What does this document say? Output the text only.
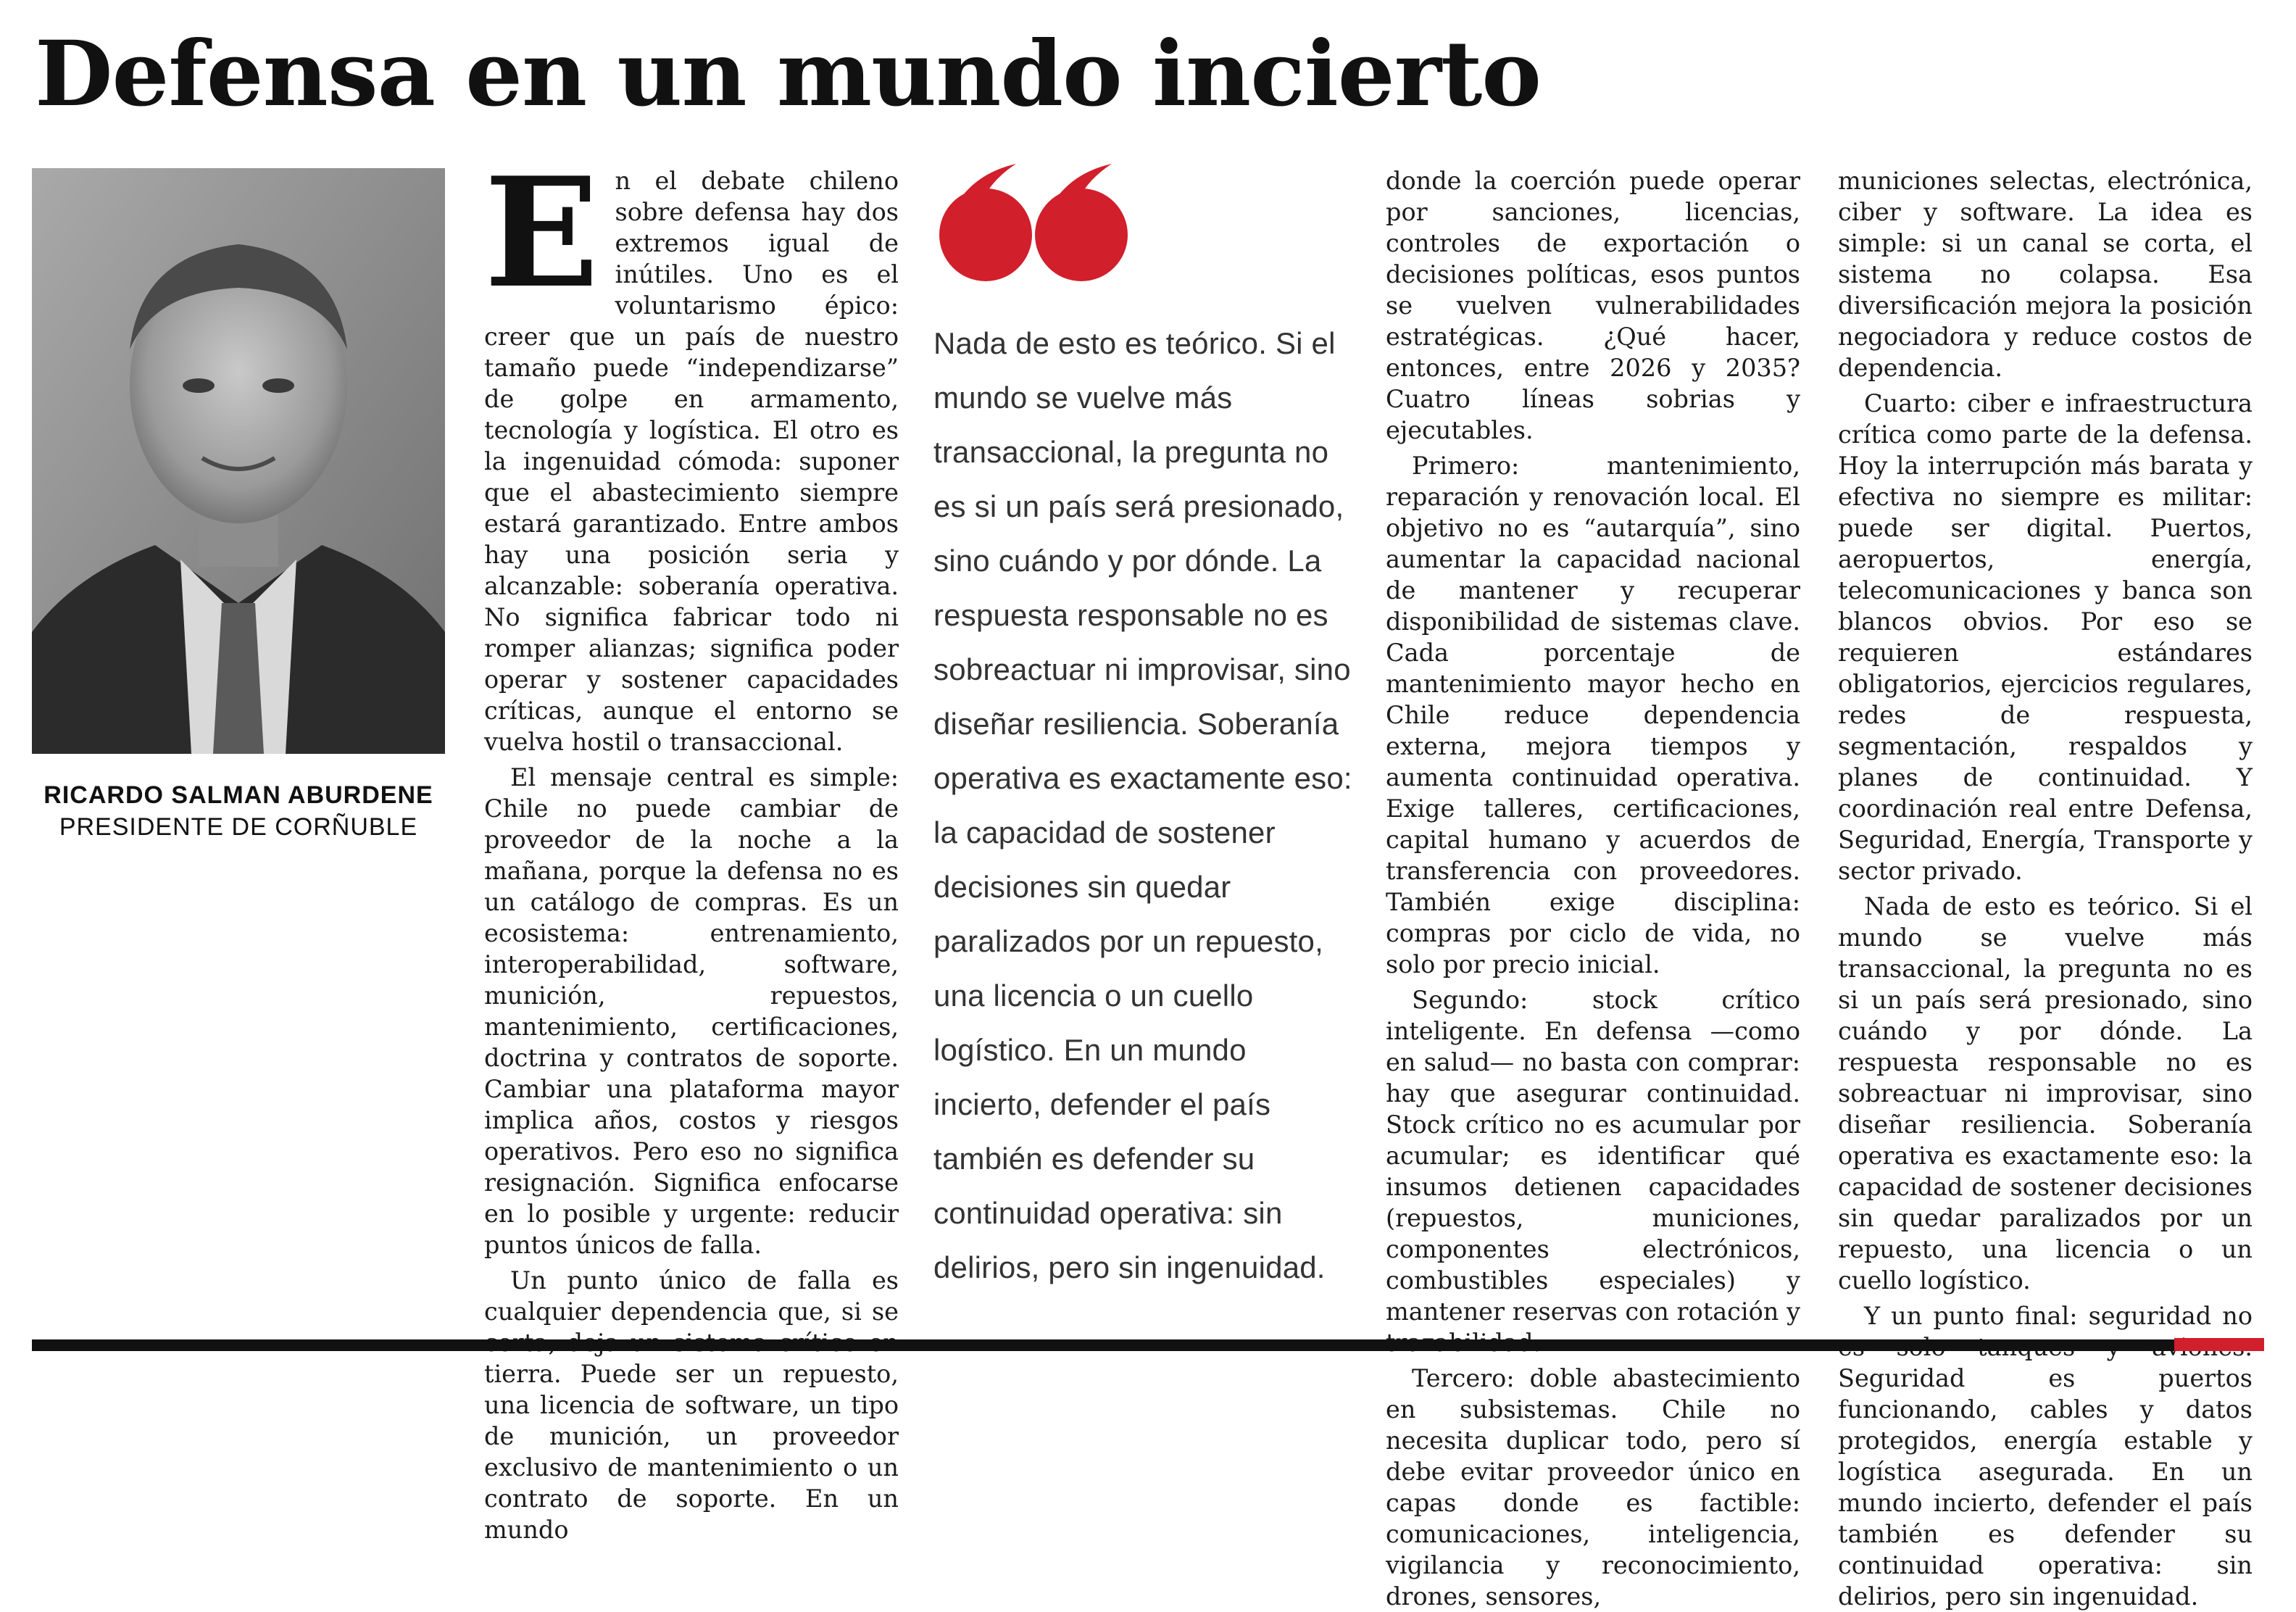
Defensa en un mundo incierto
RICARDO SALMAN ABURDENE
PRESIDENTE DE CORÑUBLE

En el debate chileno sobre defensa hay dos extremos igual de inútiles. Uno es el voluntarismo épico: creer que un país de nuestro tamaño puede “independizarse” de golpe en armamento, tecnología y logística. El otro es la ingenuidad cómoda: suponer que el abastecimiento siempre estará garantizado. Entre ambos hay una posición seria y alcanzable: soberanía operativa. No significa fabricar todo ni romper alianzas; significa poder operar y sostener capacidades críticas, aunque el entorno se vuelva hostil o transaccional.

El mensaje central es simple: Chile no puede cambiar de proveedor de la noche a la mañana, porque la defensa no es un catálogo de compras. Es un ecosistema: entrenamiento, interoperabilidad, software, munición, repuestos, mantenimiento, certificaciones, doctrina y contratos de soporte. Cambiar una plataforma mayor implica años, costos y riesgos operativos. Pero eso no significa resignación. Significa enfocarse en lo posible y urgente: reducir puntos únicos de falla.

Un punto único de falla es cualquier dependencia que, si se tierra. Puede ser un repuesto, una licencia de software, un tipo de munición, un proveedor exclusivo de mantenimiento o un contrato de soporte. En un mundo

Nada de esto es teórico. Si el mundo se vuelve más transaccional, la pregunta no es si un país será presionado, sino cuándo y por dónde. La respuesta responsable no es sobreactuar ni improvisar, sino diseñar resiliencia. Soberanía operativa es exactamente eso: la capacidad de sostener decisiones sin quedar paralizados por un repuesto, una licencia o un cuello logístico. En un mundo incierto, defender el país también es defender su continuidad operativa: sin delirios, pero sin ingenuidad.

donde la coerción puede operar por sanciones, licencias, controles de exportación o decisiones políticas, esos puntos se vuelven vulnerabilidades estratégicas. ¿Qué hacer, entonces, entre 2026 y 2035? Cuatro líneas sobrias y ejecutables.

Primero: mantenimiento, reparación y renovación local. El objetivo no es “autarquía”, sino aumentar la capacidad nacional de mantener y recuperar disponibilidad de sistemas clave. Cada porcentaje de mantenimiento mayor hecho en Chile reduce dependencia externa, mejora tiempos y aumenta continuidad operativa. Exige talleres, certificaciones, capital humano y acuerdos de transferencia con proveedores. También exige disciplina: compras por ciclo de vida, no solo por precio inicial.

Segundo: stock crítico inteligente. En defensa —como en salud— no basta con comprar: hay que asegurar continuidad. Stock crítico no es acumular por acumular; es identificar qué insumos detienen capacidades (repuestos, municiones, componentes electrónicos, combustibles especiales) y mantener reservas con rotación y

Tercero: doble abastecimiento en subsistemas. Chile no necesita duplicar todo, pero sí debe evitar proveedor único en capas donde es factible: comunicaciones, inteligencia, vigilancia y reconocimiento, drones, sensores,

municiones selectas, electrónica, ciber y software. La idea es simple: si un canal se corta, el sistema no colapsa. Esa diversificación mejora la posición negociadora y reduce costos de dependencia.

Cuarto: ciber e infraestructura crítica como parte de la defensa. Hoy la interrupción más barata y efectiva no siempre es militar: puede ser digital. Puertos, aeropuertos, energía, telecomunicaciones y banca son blancos obvios. Por eso se requieren estándares obligatorios, ejercicios regulares, redes de respuesta, segmentación, respaldos y planes de continuidad. Y coordinación real entre Defensa, Seguridad, Energía, Transporte y sector privado.

Nada de esto es teórico. Si el mundo se vuelve más transaccional, la pregunta no es si un país será presionado, sino cuándo y por dónde. La respuesta responsable no es sobreactuar ni improvisar, sino diseñar resiliencia. Soberanía operativa es exactamente eso: la capacidad de sostener decisiones sin quedar paralizados por un repuesto, una licencia o un cuello logístico.

Y un punto final: seguridad no Seguridad es puertos funcionando, cables y datos protegidos, energía estable y logística asegurada. En un mundo incierto, defender el país también es defender su continuidad operativa: sin delirios, pero sin ingenuidad.
